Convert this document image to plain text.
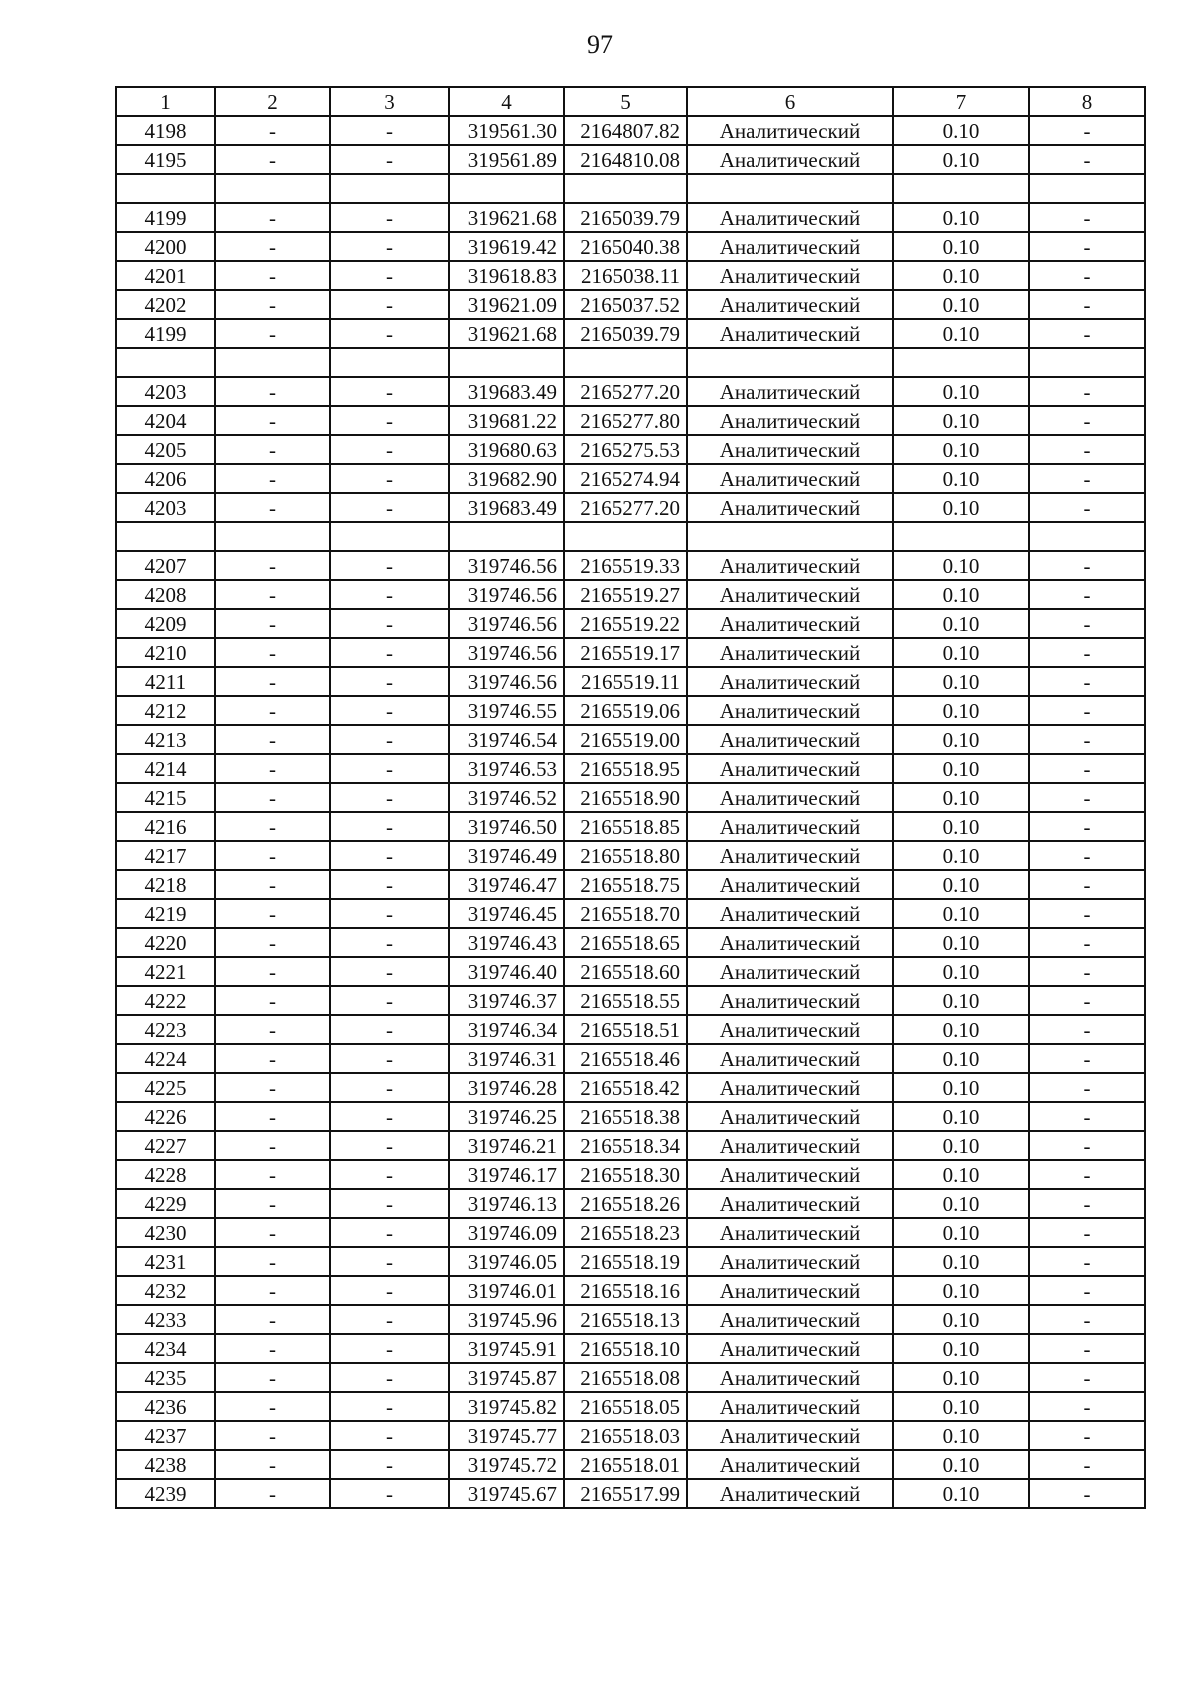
97
1	2	3	4	5	6	7	8
4198	-	-	319561.30	2164807.82	Аналитический	0.10	-
4195	-	-	319561.89	2164810.08	Аналитический	0.10	-

4199	-	-	319621.68	2165039.79	Аналитический	0.10	-
4200	-	-	319619.42	2165040.38	Аналитический	0.10	-
4201	-	-	319618.83	2165038.11	Аналитический	0.10	-
4202	-	-	319621.09	2165037.52	Аналитический	0.10	-
4199	-	-	319621.68	2165039.79	Аналитический	0.10	-

4203	-	-	319683.49	2165277.20	Аналитический	0.10	-
4204	-	-	319681.22	2165277.80	Аналитический	0.10	-
4205	-	-	319680.63	2165275.53	Аналитический	0.10	-
4206	-	-	319682.90	2165274.94	Аналитический	0.10	-
4203	-	-	319683.49	2165277.20	Аналитический	0.10	-

4207	-	-	319746.56	2165519.33	Аналитический	0.10	-
4208	-	-	319746.56	2165519.27	Аналитический	0.10	-
4209	-	-	319746.56	2165519.22	Аналитический	0.10	-
4210	-	-	319746.56	2165519.17	Аналитический	0.10	-
4211	-	-	319746.56	2165519.11	Аналитический	0.10	-
4212	-	-	319746.55	2165519.06	Аналитический	0.10	-
4213	-	-	319746.54	2165519.00	Аналитический	0.10	-
4214	-	-	319746.53	2165518.95	Аналитический	0.10	-
4215	-	-	319746.52	2165518.90	Аналитический	0.10	-
4216	-	-	319746.50	2165518.85	Аналитический	0.10	-
4217	-	-	319746.49	2165518.80	Аналитический	0.10	-
4218	-	-	319746.47	2165518.75	Аналитический	0.10	-
4219	-	-	319746.45	2165518.70	Аналитический	0.10	-
4220	-	-	319746.43	2165518.65	Аналитический	0.10	-
4221	-	-	319746.40	2165518.60	Аналитический	0.10	-
4222	-	-	319746.37	2165518.55	Аналитический	0.10	-
4223	-	-	319746.34	2165518.51	Аналитический	0.10	-
4224	-	-	319746.31	2165518.46	Аналитический	0.10	-
4225	-	-	319746.28	2165518.42	Аналитический	0.10	-
4226	-	-	319746.25	2165518.38	Аналитический	0.10	-
4227	-	-	319746.21	2165518.34	Аналитический	0.10	-
4228	-	-	319746.17	2165518.30	Аналитический	0.10	-
4229	-	-	319746.13	2165518.26	Аналитический	0.10	-
4230	-	-	319746.09	2165518.23	Аналитический	0.10	-
4231	-	-	319746.05	2165518.19	Аналитический	0.10	-
4232	-	-	319746.01	2165518.16	Аналитический	0.10	-
4233	-	-	319745.96	2165518.13	Аналитический	0.10	-
4234	-	-	319745.91	2165518.10	Аналитический	0.10	-
4235	-	-	319745.87	2165518.08	Аналитический	0.10	-
4236	-	-	319745.82	2165518.05	Аналитический	0.10	-
4237	-	-	319745.77	2165518.03	Аналитический	0.10	-
4238	-	-	319745.72	2165518.01	Аналитический	0.10	-
4239	-	-	319745.67	2165517.99	Аналитический	0.10	-
